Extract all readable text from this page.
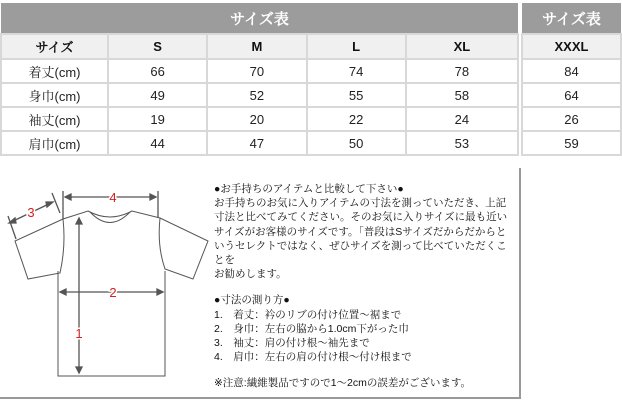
サイズ表				
サイズ	S	M	L	XL
着丈(cm)	66	70	74	78
身巾(cm)	49	52	55	58
袖丈(cm)	19	20	22	24
肩巾(cm)	44	47	50	53
サイズ表
XXXL
84
64
26
59
1
2
3
4

●お手持ちのアイテムと比較して下さい●

お手持ちのお気に入りアイテムの寸法を測っていただき、上記

寸法と比べてみてください。そのお気に入りサイズに最も近い

サイズがお客様のサイズです。「普段はSサイズだからだからと

いうセレクトではなく、ぜひサイズを測って比べていただくことを

お勧めします。

●寸法の測り方●

1.　着丈：衿のリブの付け位置～裾まで

2.　身巾：左右の脇から1.0cm下がった巾

3.　袖丈：肩の付け根～袖先まで

4.　肩巾：左右の肩の付け根～付け根まで

※注意:繊維製品ですので1～2cmの誤差がございます。
